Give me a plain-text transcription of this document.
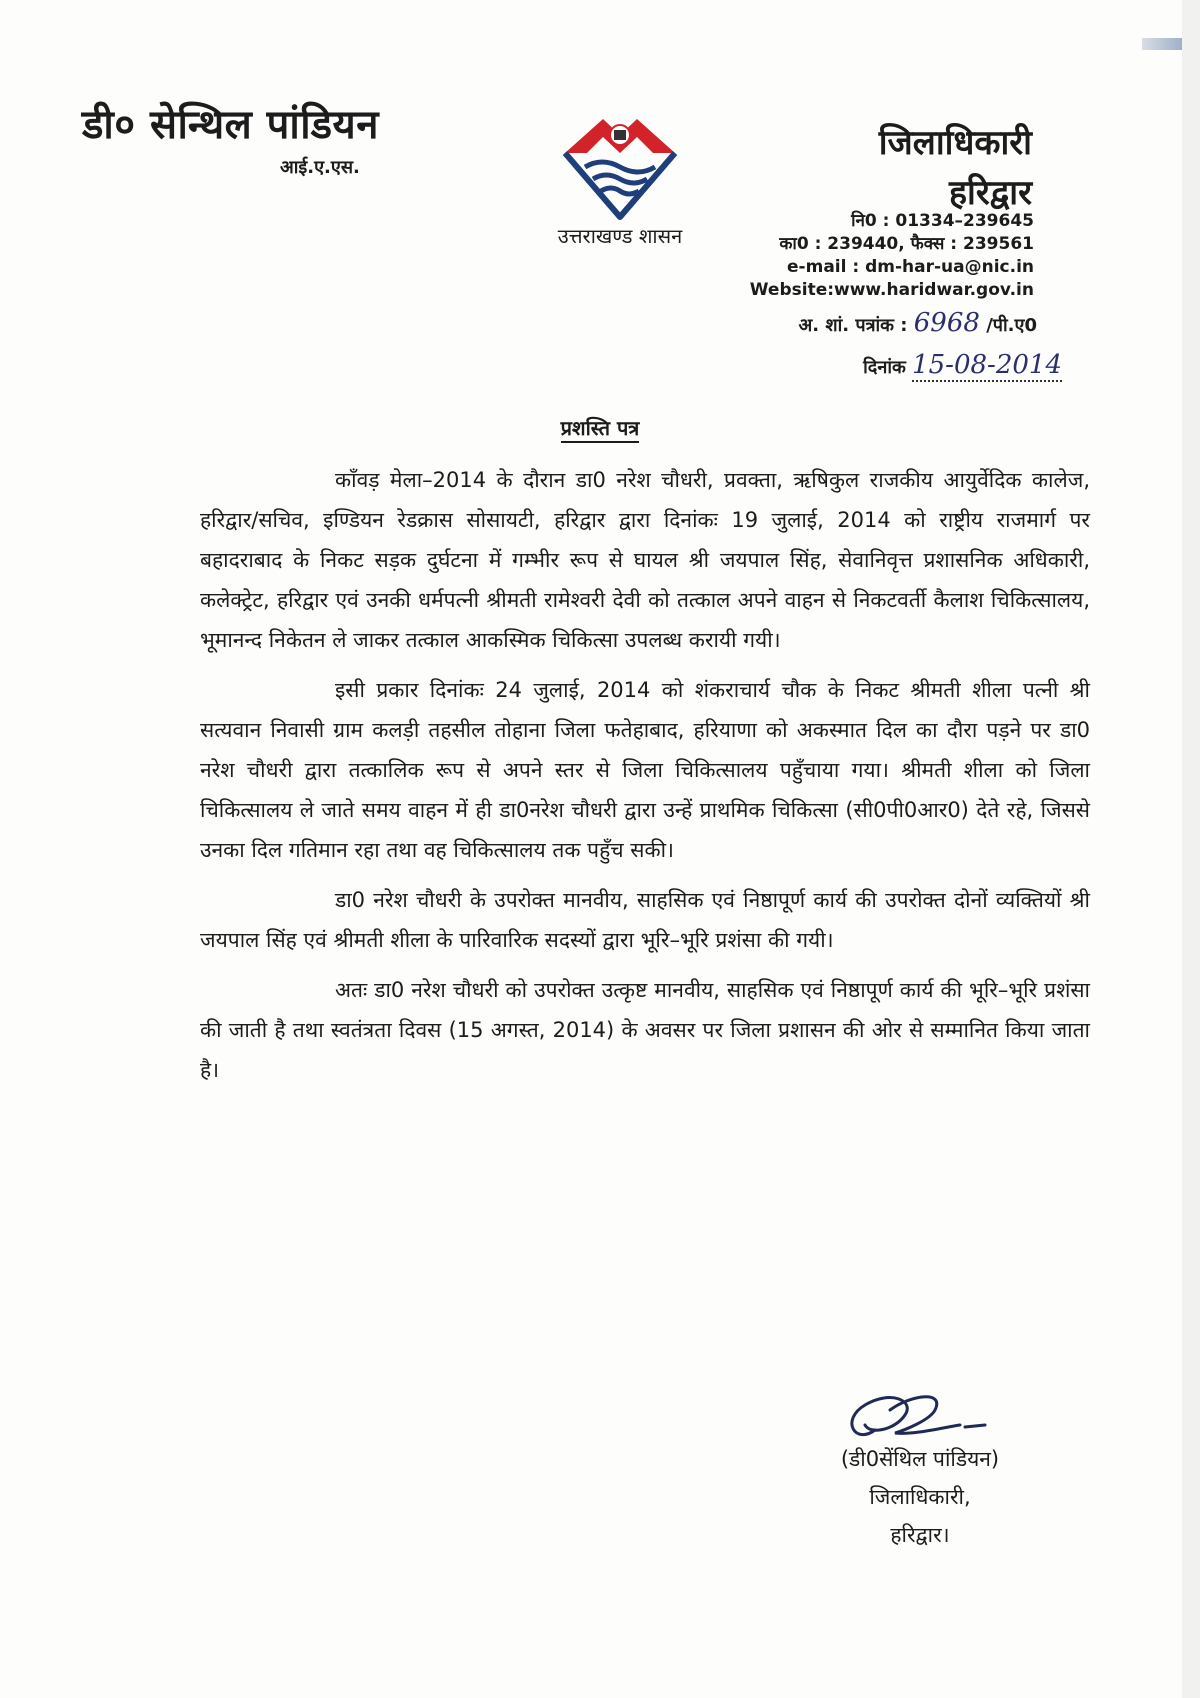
डी० सेन्थिल पांडियन
आई.ए.एस.
उत्तराखण्ड शासन
जिलाधिकारी
हरिद्वार
नि0 : 01334–239645
का0 : 239440, फैक्स : 239561
e-mail : dm-har-ua@nic.in
Website:www.haridwar.gov.in
अ. शां. पत्रांक : 6968 /पी.ए0
दिनांक 15-08-2014
प्रशस्ति पत्र

काँवड़ मेला–2014 के दौरान डा0 नरेश चौधरी, प्रवक्ता, ऋषिकुल राजकीय आयुर्वेदिक कालेज, हरिद्वार/सचिव, इण्डियन रेडक्रास सोसायटी, हरिद्वार द्वारा दिनांकः 19 जुलाई, 2014 को राष्ट्रीय राजमार्ग पर बहादराबाद के निकट सड़क दुर्घटना में गम्भीर रूप से घायल श्री जयपाल सिंह, सेवानिवृत्त प्रशासनिक अधिकारी, कलेक्ट्रेट, हरिद्वार एवं उनकी धर्मपत्नी श्रीमती रामेश्वरी देवी को तत्काल अपने वाहन से निकटवर्ती कैलाश चिकित्सालय, भूमानन्द निकेतन ले जाकर तत्काल आकस्मिक चिकित्सा उपलब्ध करायी गयी।

इसी प्रकार दिनांकः 24 जुलाई, 2014 को शंकराचार्य चौक के निकट श्रीमती शीला पत्नी श्री सत्यवान निवासी ग्राम कलड़ी तहसील तोहाना जिला फतेहाबाद, हरियाणा को अकस्मात दिल का दौरा पड़ने पर डा0 नरेश चौधरी द्वारा तत्कालिक रूप से अपने स्तर से जिला चिकित्सालय पहुँचाया गया। श्रीमती शीला को जिला चिकित्सालय ले जाते समय वाहन में ही डा0नरेश चौधरी द्वारा उन्हें प्राथमिक चिकित्सा (सी0पी0आर0) देते रहे, जिससे उनका दिल गतिमान रहा तथा वह चिकित्सालय तक पहुँच सकी।

डा0 नरेश चौधरी के उपरोक्त मानवीय, साहसिक एवं निष्ठापूर्ण कार्य की उपरोक्त दोनों व्यक्तियों श्री जयपाल सिंह एवं श्रीमती शीला के पारिवारिक सदस्यों द्वारा भूरि–भूरि प्रशंसा की गयी।

अतः डा0 नरेश चौधरी को उपरोक्त उत्कृष्ट मानवीय, साहसिक एवं निष्ठापूर्ण कार्य की भूरि–भूरि प्रशंसा की जाती है तथा स्वतंत्रता दिवस (15 अगस्त, 2014) के अवसर पर जिला प्रशासन की ओर से सम्मानित किया जाता है।

(डी0सेंथिल पांडियन)
जिलाधिकारी,
हरिद्वार।
